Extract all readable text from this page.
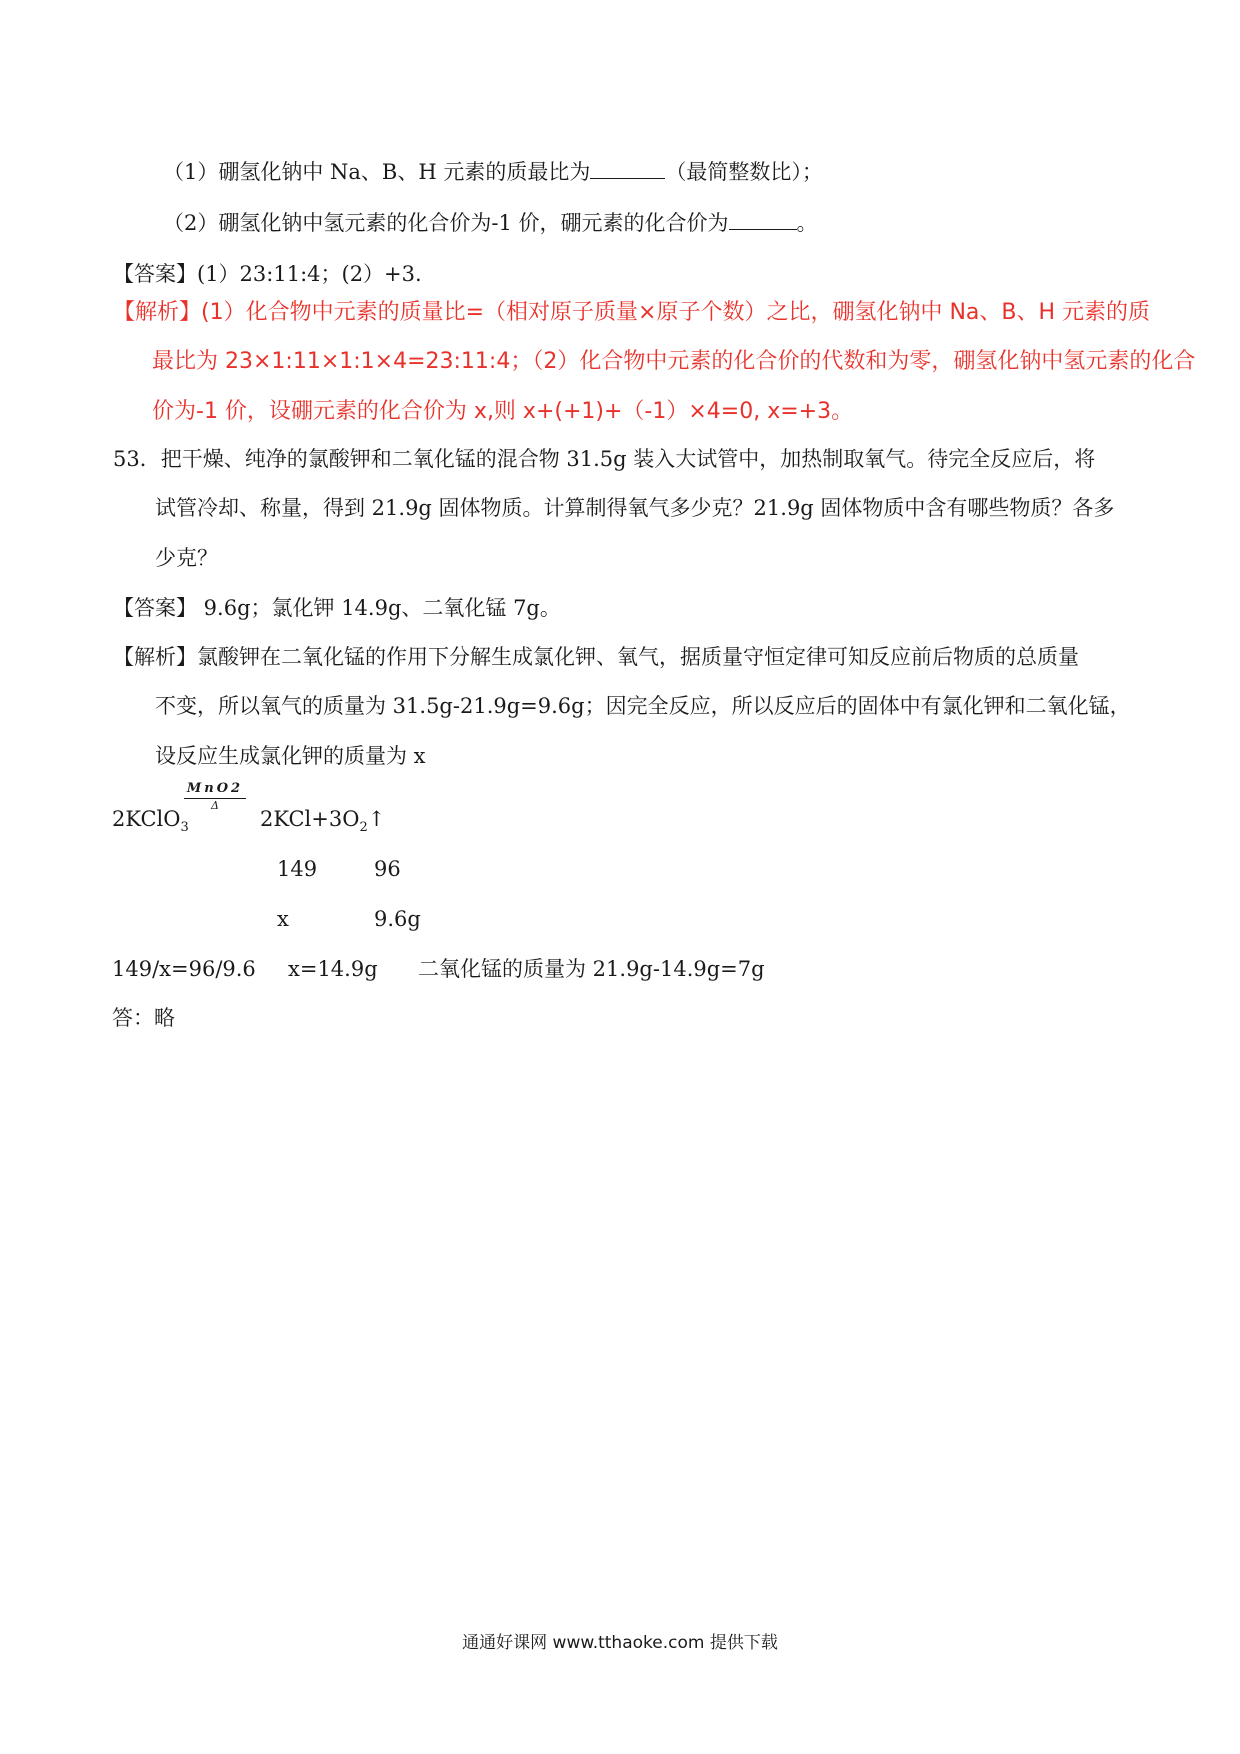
（1）硼氢化钠中 Na、B、H 元素的质最比为	（最简整数比）；
（2）硼氢化钠中氢元素的化合价为-1 价，硼元素的化合价为	。
【答案】(1）23:11:4；(2）+3.
【解析】(1）化合物中元素的质量比=（相对原子质量×原子个数）之比，硼氢化钠中 Na、B、H 元素的质
最比为 23×1:11×1:1×4=23:11:4；（2）化合物中元素的化合价的代数和为零，硼氢化钠中氢元素的化合
价为-1 价，设硼元素的化合价为 x,则 x+(+1)+（-1）×4=0, x=+3。
53．把干燥、纯净的氯酸钾和二氧化锰的混合物 31.5g 装入大试管中，加热制取氧气。待完全反应后，将
试管冷却、称量，得到 21.9g 固体物质。计算制得氧气多少克？21.9g 固体物质中含有哪些物质？各多
少克？
【答案】 9.6g；氯化钾 14.9g、二氧化锰 7g。
【解析】氯酸钾在二氧化锰的作用下分解生成氯化钾、氧气，据质量守恒定律可知反应前后物质的总质量
不变，所以氧气的质量为 31.5g-21.9g=9.6g；因完全反应，所以反应后的固体中有氯化钾和二氧化锰，
设反应生成氯化钾的质量为 x
2KClO$_3$
MnO2
Δ
$2KCl+3O_2↑$
149	96
x	9.6g
149/x=96/9.6 x=14.9g 二氧化锰的质量为 21.9g-14.9g=7g
答：略
通通好课网 www.tthaoke.com 提供下载
